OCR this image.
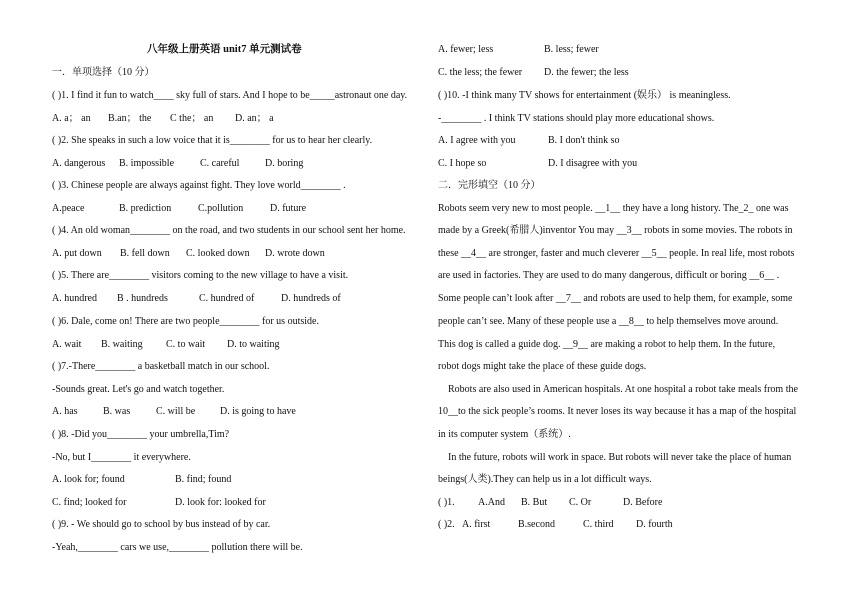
八年级上册英语 unit7 单元测试卷
一．单项选择（10 分）
( )1. I find it fun to watch____ sky full of stars. And I hope to be_____astronaut one day.
A. a； an B.an； the C the； an D. an； a
( )2. She speaks in such a low voice that it is________ for us to hear her clearly.
A. dangerous B. impossible	C. careful	D. boring
( )3. Chinese people are always against fight. They love world________ .
A.peace	B. prediction	C.pollution	D. future
( )4. An old woman________ on the road, and two students in our school sent her home.
A. put down B. fell down C. looked down D. wrote down
( )5. There are________ visitors coming to the new village to have a visit.
A. hundred B . hundreds	C. hundred of	D. hundreds of
( )6. Dale, come on! There are two people________ for us outside.
A. wait B. waiting C. to wait D. to waiting
( )7.-There________ a basketball match in our school.
-Sounds great. Let's go and watch together.
A. has	B. was	C. will be D. is going to have
( )8. -Did you________ your umbrella,Tim?
-No, but I________ it everywhere.
A. look for; found	B. find; found
C. find; looked for	D. look for: looked for
( )9. - We should go to school by bus instead of by car.
-Yeah,________ cars we use,________ pollution there will be.
A. fewer; less	B. less; fewer
C. the less; the fewer D. the fewer; the less
( )10. -I think many TV shows for entertainment (娱乐） is meaningless.
-________ . I think TV stations should play more educational shows.
A. I agree with you	B. I don't think so
C. I hope so	D. I disagree with you
二．完形填空（10 分）
Robots seem very new to most people. __1__ they have a long history. The_2_ one was
made by a Greek(希腊人)inventor You may __3__ robots in some movies. The robots in
these __4__ are stronger, faster and much cleverer __5__ people. In real life, most robots
are used in factories. They are used to do many dangerous, difficult or boring __6__ .
Some people can’t look after __7__ and robots are used to help them, for example, some
people can’t see. Many of these people use a __8__ to help themselves move around.
This dog is called a guide dog. __9__ are making a robot to help them. In the future,
robot dogs might take the place of these guide dogs.
Robots are also used in American hospitals. At one hospital a robot take meals from the
10__to the sick people’s rooms. It never loses its way because it has a map of the hospital
in its computer system（系统）.
In the future, robots will work in space. But robots will never take the place of human
beings(人类).They can help us in a lot difficult ways.
( )1. A.And B. But C. Or	D. Before
( )2. A. first	B.second	C. third D. fourth
